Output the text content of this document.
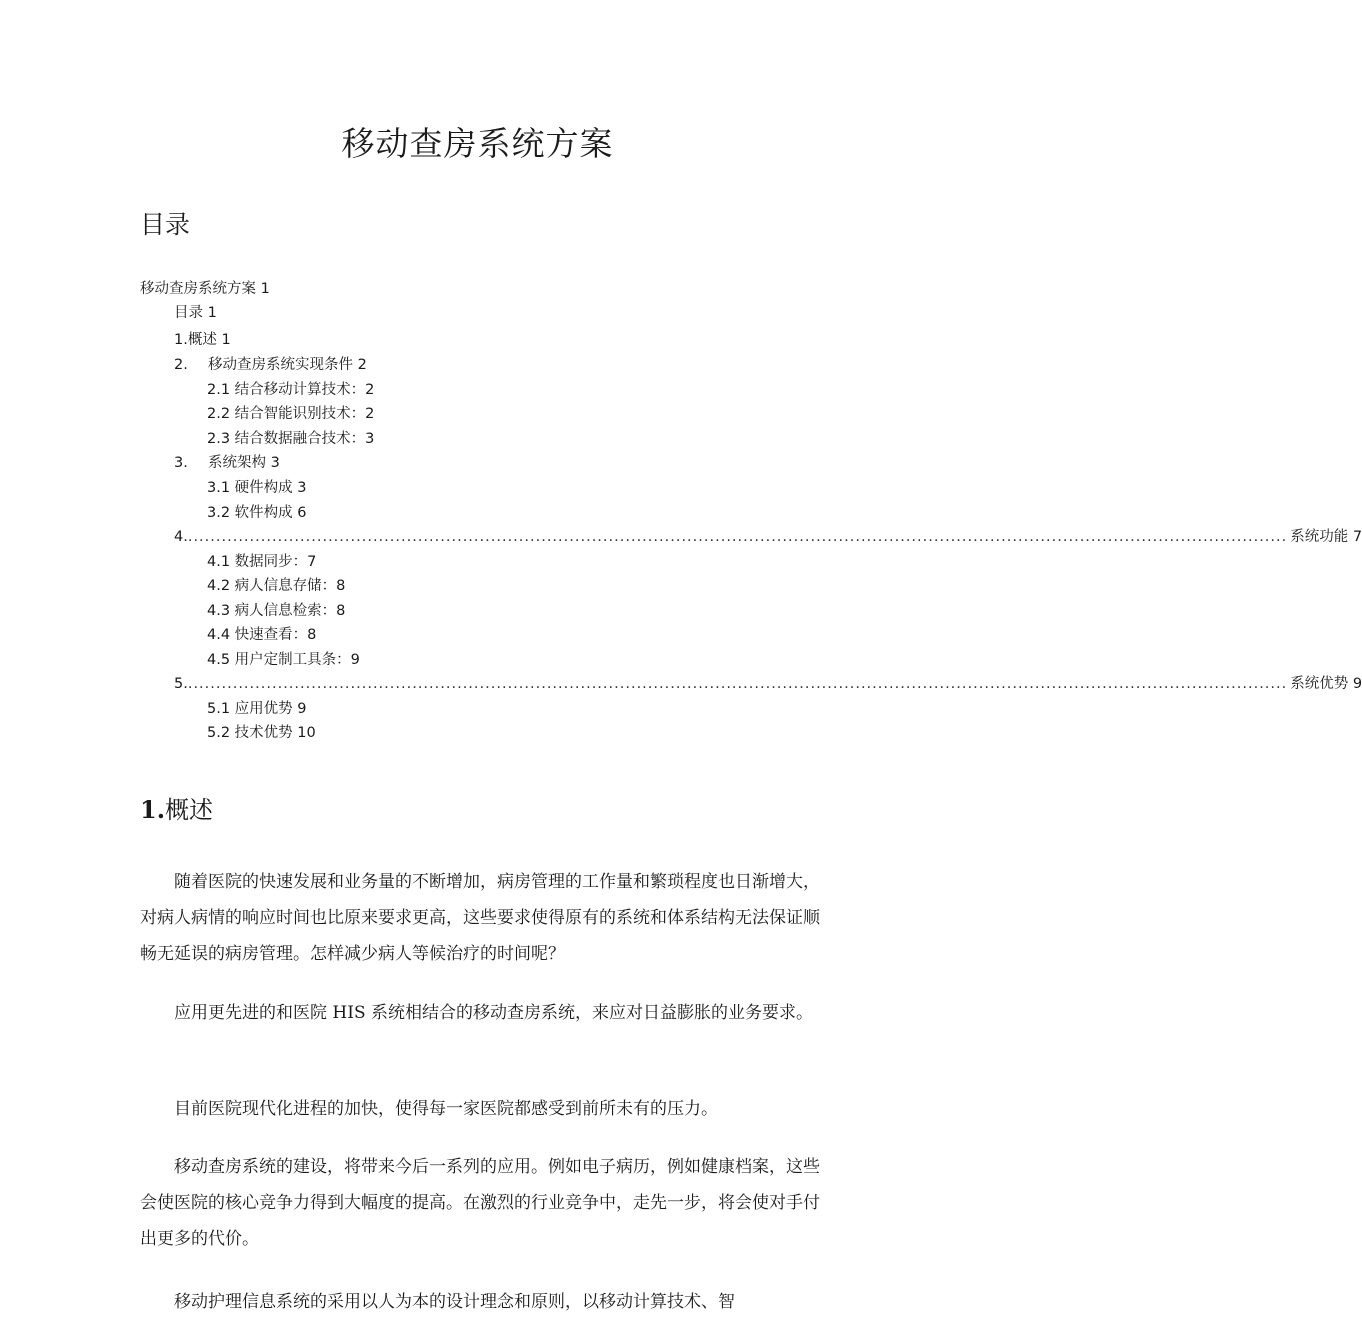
移动查房系统方案
目录
移动查房系统方案 1
目录 1
1.概述 1
2. 移动查房系统实现条件 2
2.1 结合移动计算技术：2
2.2 结合智能识别技术：2
2.3 结合数据融合技术：3
3. 系统架构 3
3.1 硬件构成 3
3.2 软件构成 6
4. .................................................................................................................................................................................................... 系统功能 7
4.1 数据同步：7
4.2 病人信息存储：8
4.3 病人信息检索：8
4.4 快速查看：8
4.5 用户定制工具条：9
5. .................................................................................................................................................................................................... 系统优势 9
5.1 应用优势 9
5.2 技术优势 10
1.概述

随着医院的快速发展和业务量的不断增加，病房管理的工作量和繁琐程度也日渐增大，对病人病情的响应时间也比原来要求更高，这些要求使得原有的系统和体系结构无法保证顺畅无延误的病房管理。怎样减少病人等候治疗的时间呢？

应用更先进的和医院 HIS 系统相结合的移动查房系统，来应对日益膨胀的业务要求。

目前医院现代化进程的加快，使得每一家医院都感受到前所未有的压力。

移动查房系统的建设，将带来今后一系列的应用。例如电子病历，例如健康档案，这些会使医院的核心竞争力得到大幅度的提高。在激烈的行业竞争中，走先一步，将会使对手付出更多的代价。

移动护理信息系统的采用以人为本的设计理念和原则，以移动计算技术、智
